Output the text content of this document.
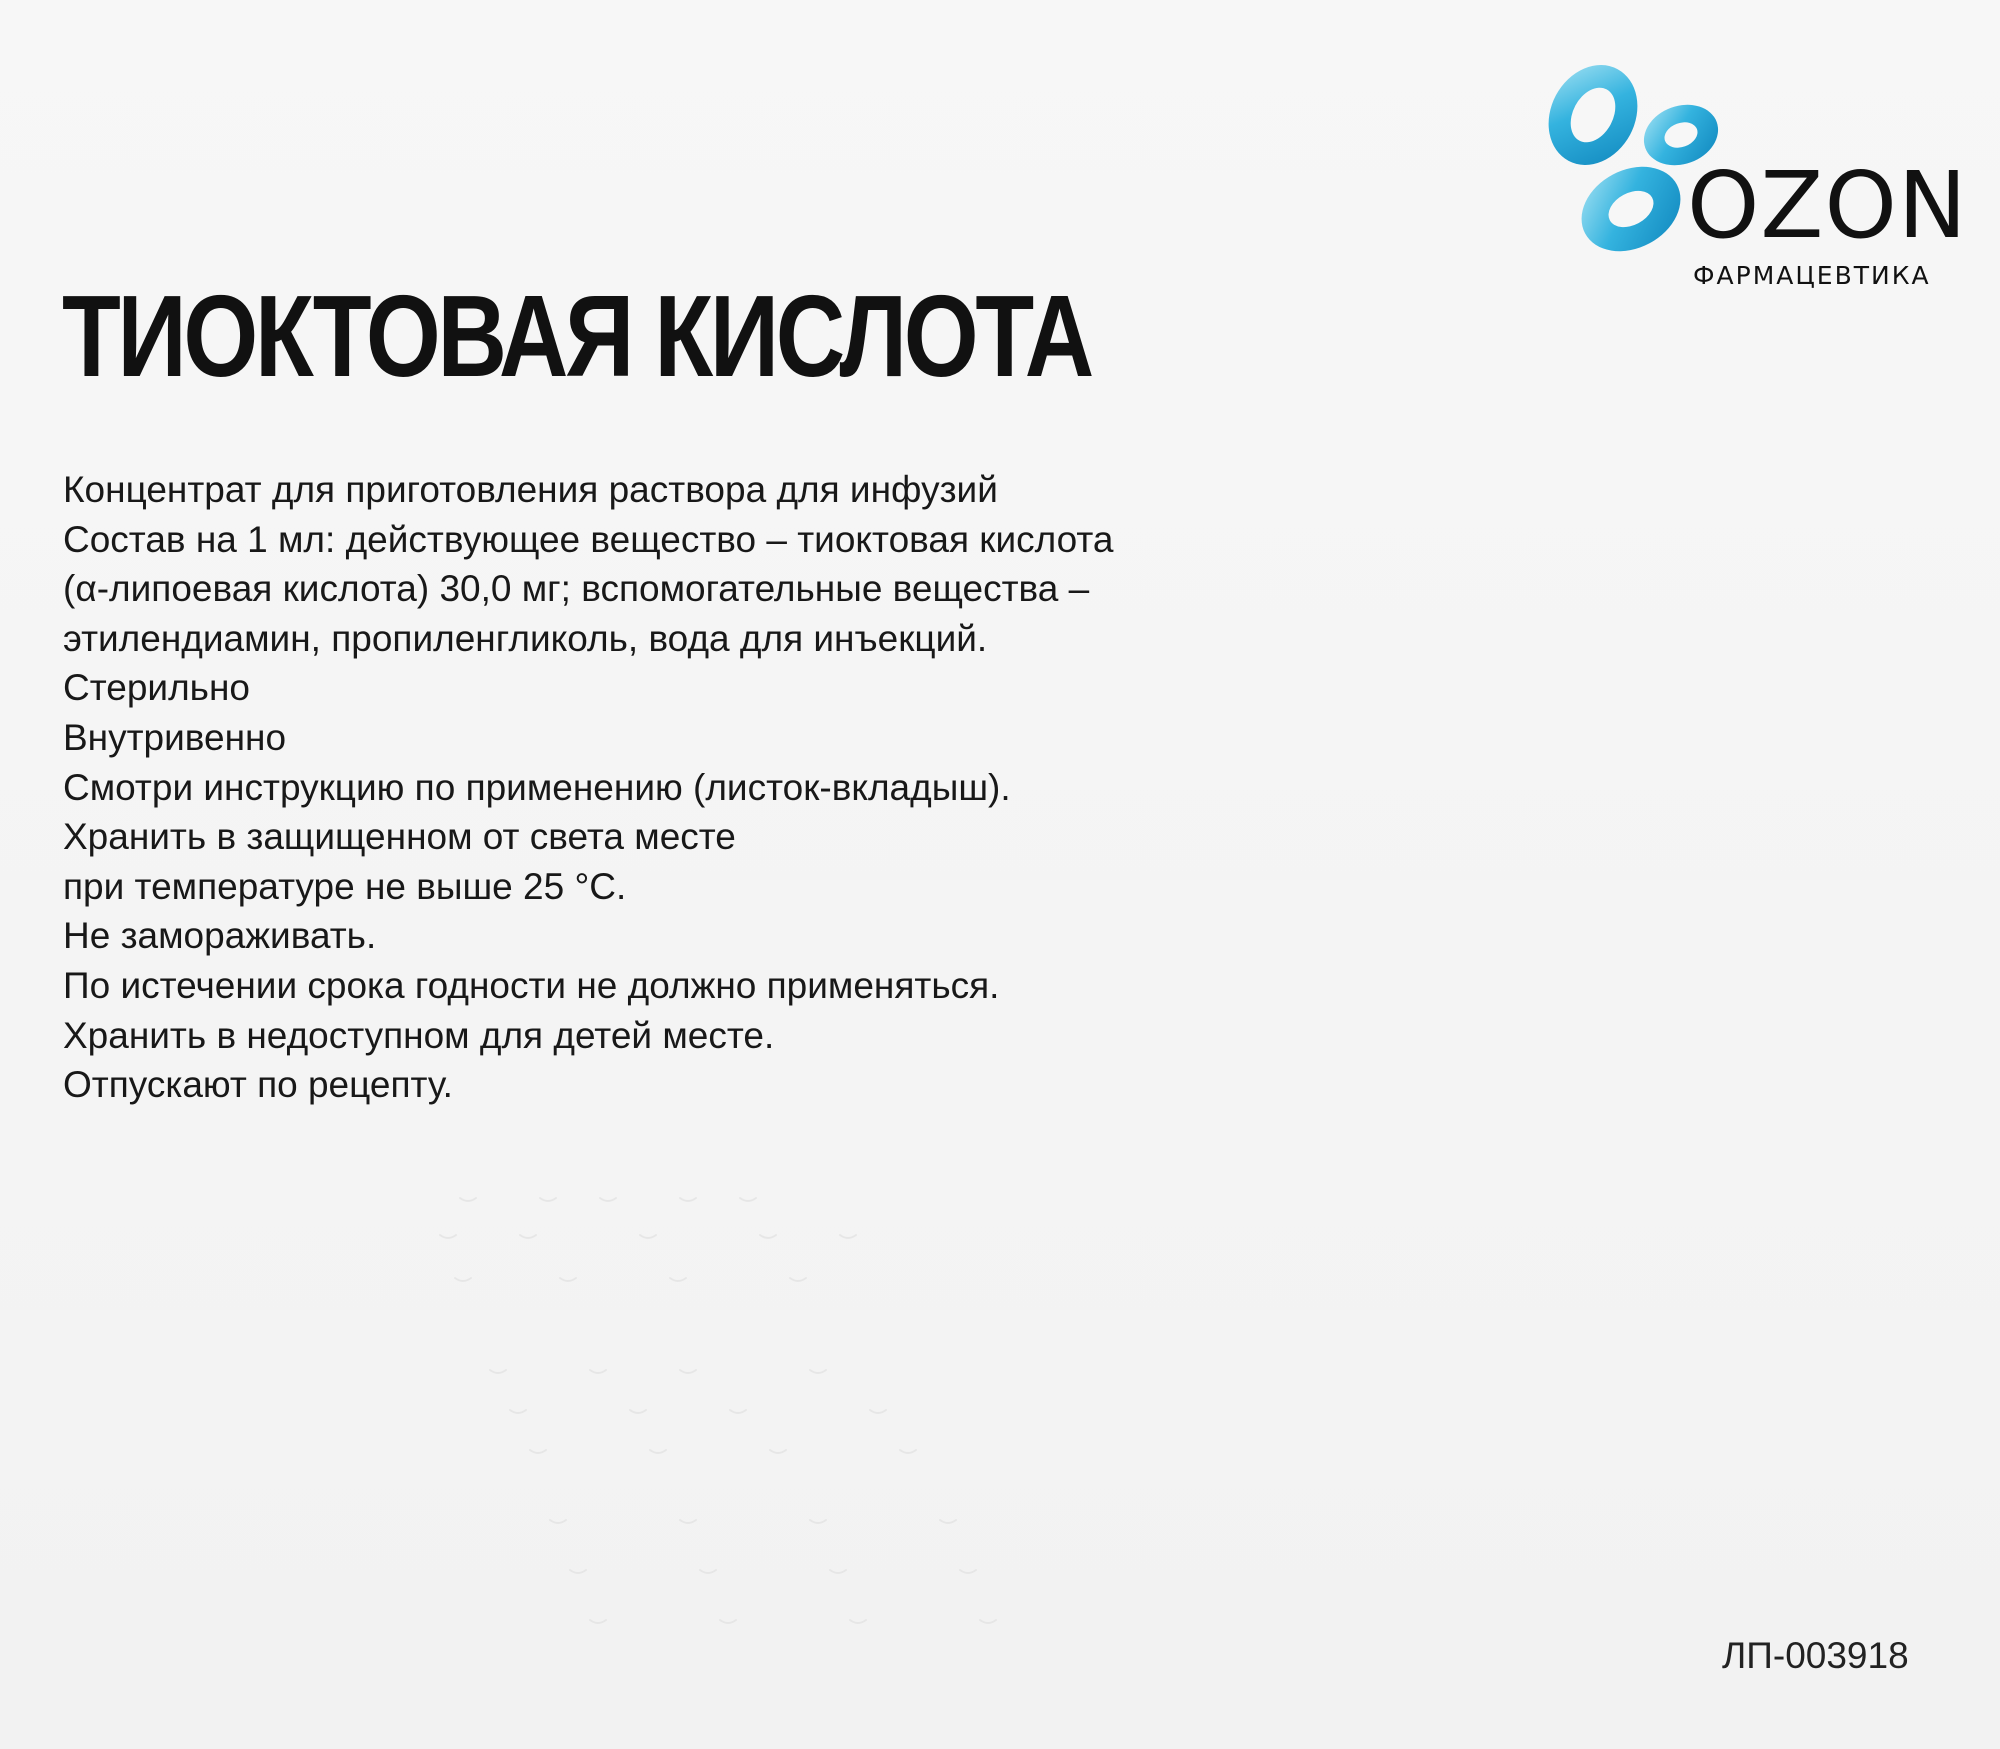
OZON
ФАРМАЦЕВТИКА
ТИОКТОВАЯ КИСЛОТА
Концентрат для приготовления раствора для инфузий
Состав на 1 мл: действующее вещество – тиоктовая кислота
(α-липоевая кислота) 30,0 мг; вспомогательные вещества –
этилендиамин, пропиленгликоль, вода для инъекций.
Стерильно
Внутривенно
Смотри инструкцию по применению (листок-вкладыш).
Хранить в защищенном от света месте
при температуре не выше 25 °С.
Не замораживать.
По истечении срока годности не должно применяться.
Хранить в недоступном для детей месте.
Отпускают по рецепту.
ЛП-003918
